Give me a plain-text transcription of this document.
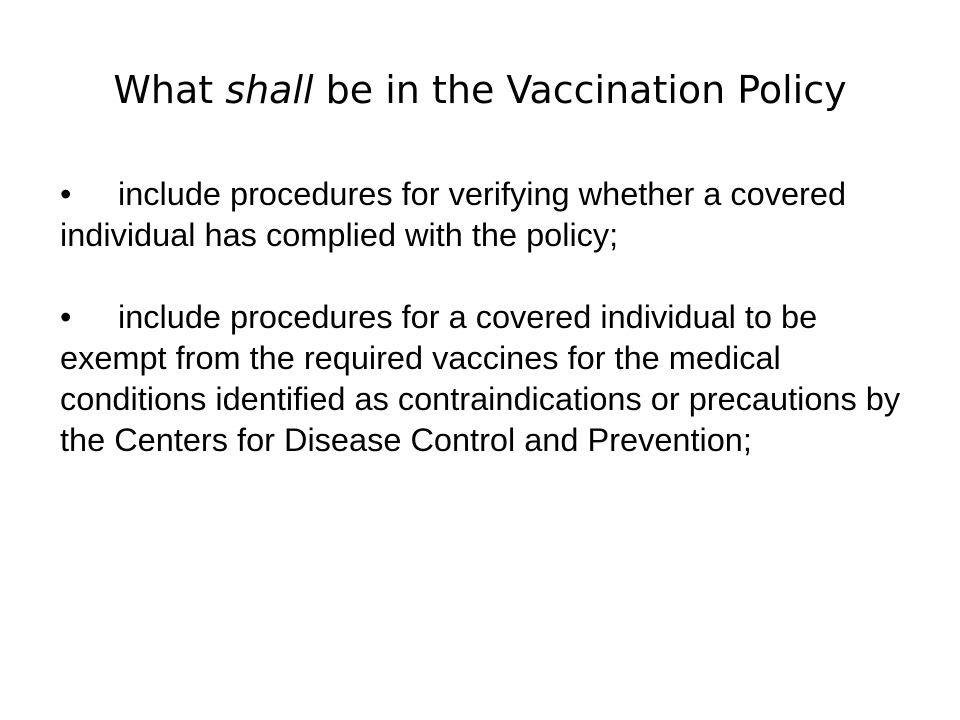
What shall be in the Vaccination Policy
• include procedures for verifying whether a covered individual has complied with the policy;
• include procedures for a covered individual to be exempt from the required vaccines for the medical conditions identified as contraindications or precautions by the Centers for Disease Control and Prevention;
